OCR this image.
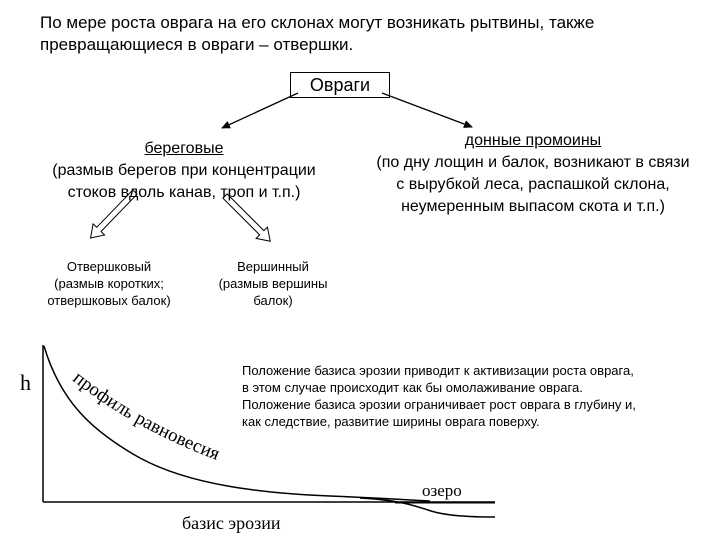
По мере роста оврага на его склонах могут возникать рытвины, также
превращающиеся в овраги – отвершки.
Овраги
береговые
(размыв берегов при концентрации
стоков вдоль канав, троп и т.п.)
донные промоины
(по дну лощин и балок, возникают в связи
с вырубкой леса, распашкой склона,
неумеренным выпасом скота и т.п.)
Отвершковый
(размыв коротких;
отвершковых балок)
Вершинный
(размыв вершины
балок)
h профиль равновесия
озеро
базис эрозии
Положение базиса эрозии приводит к активизации роста оврага,
в этом случае происходит как бы омолаживание оврага.
Положение базиса эрозии ограничивает рост оврага в глубину и,
как следствие, развитие ширины оврага поверху.
